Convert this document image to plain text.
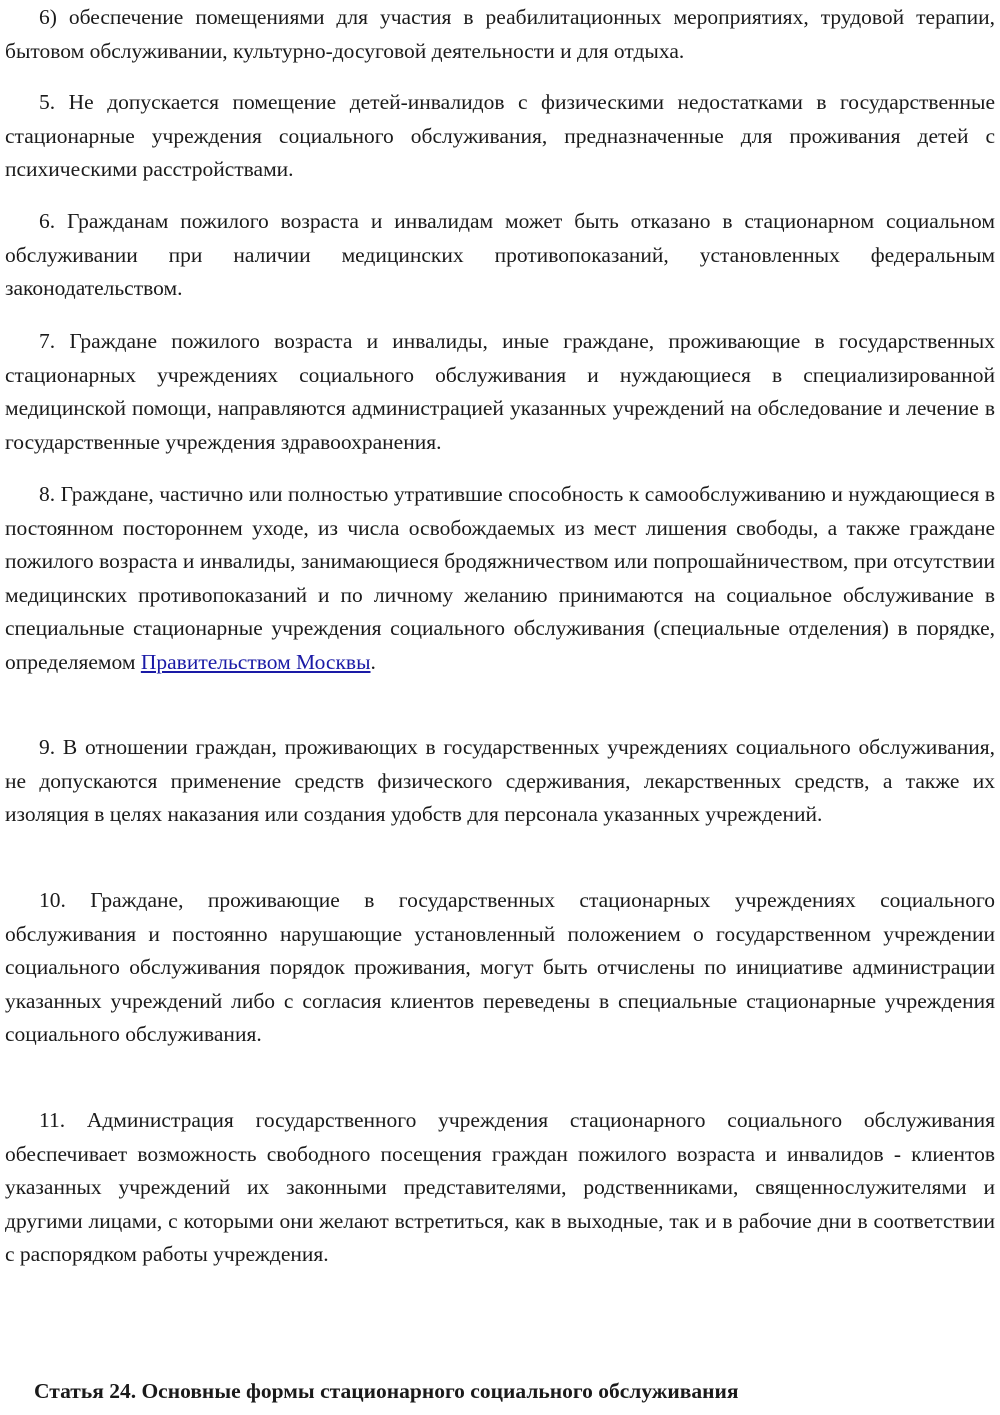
6) обеспечение помещениями для участия в реабилитационных мероприятиях, трудовой терапии, бытовом обслуживании, культурно-досуговой деятельности и для отдыха.

5. Не допускается помещение детей-инвалидов с физическими недостатками в государственные стационарные учреждения социального обслуживания, предназначенные для проживания детей с психическими расстройствами.

6. Гражданам пожилого возраста и инвалидам может быть отказано в стационарном социальном обслуживании при наличии медицинских противопоказаний, установленных федеральным законодательством.

7. Граждане пожилого возраста и инвалиды, иные граждане, проживающие в государственных стационарных учреждениях социального обслуживания и нуждающиеся в специализированной медицинской помощи, направляются администрацией указанных учреждений на обследование и лечение в государственные учреждения здравоохранения.

8. Граждане, частично или полностью утратившие способность к самообслуживанию и нуждающиеся в постоянном постороннем уходе, из числа освобождаемых из мест лишения свободы, а также граждане пожилого возраста и инвалиды, занимающиеся бродяжничеством или попрошайничеством, при отсутствии медицинских противопоказаний и по личному желанию принимаются на социальное обслуживание в специальные стационарные учреждения социального обслуживания (специальные отделения) в порядке, определяемом Правительством Москвы.

9. В отношении граждан, проживающих в государственных учреждениях социального обслуживания, не допускаются применение средств физического сдерживания, лекарственных средств, а также их изоляция в целях наказания или создания удобств для персонала указанных учреждений.

10. Граждане, проживающие в государственных стационарных учреждениях социального обслуживания и постоянно нарушающие установленный положением о государственном учреждении социального обслуживания порядок проживания, могут быть отчислены по инициативе администрации указанных учреждений либо с согласия клиентов переведены в специальные стационарные учреждения социального обслуживания.

11. Администрация государственного учреждения стационарного социального обслуживания обеспечивает возможность свободного посещения граждан пожилого возраста и инвалидов - клиентов указанных учреждений их законными представителями, родственниками, священнослужителями и другими лицами, с которыми они желают встретиться, как в выходные, так и в рабочие дни в соответствии с распорядком работы учреждения.

Статья 24. Основные формы стационарного социального обслуживания
